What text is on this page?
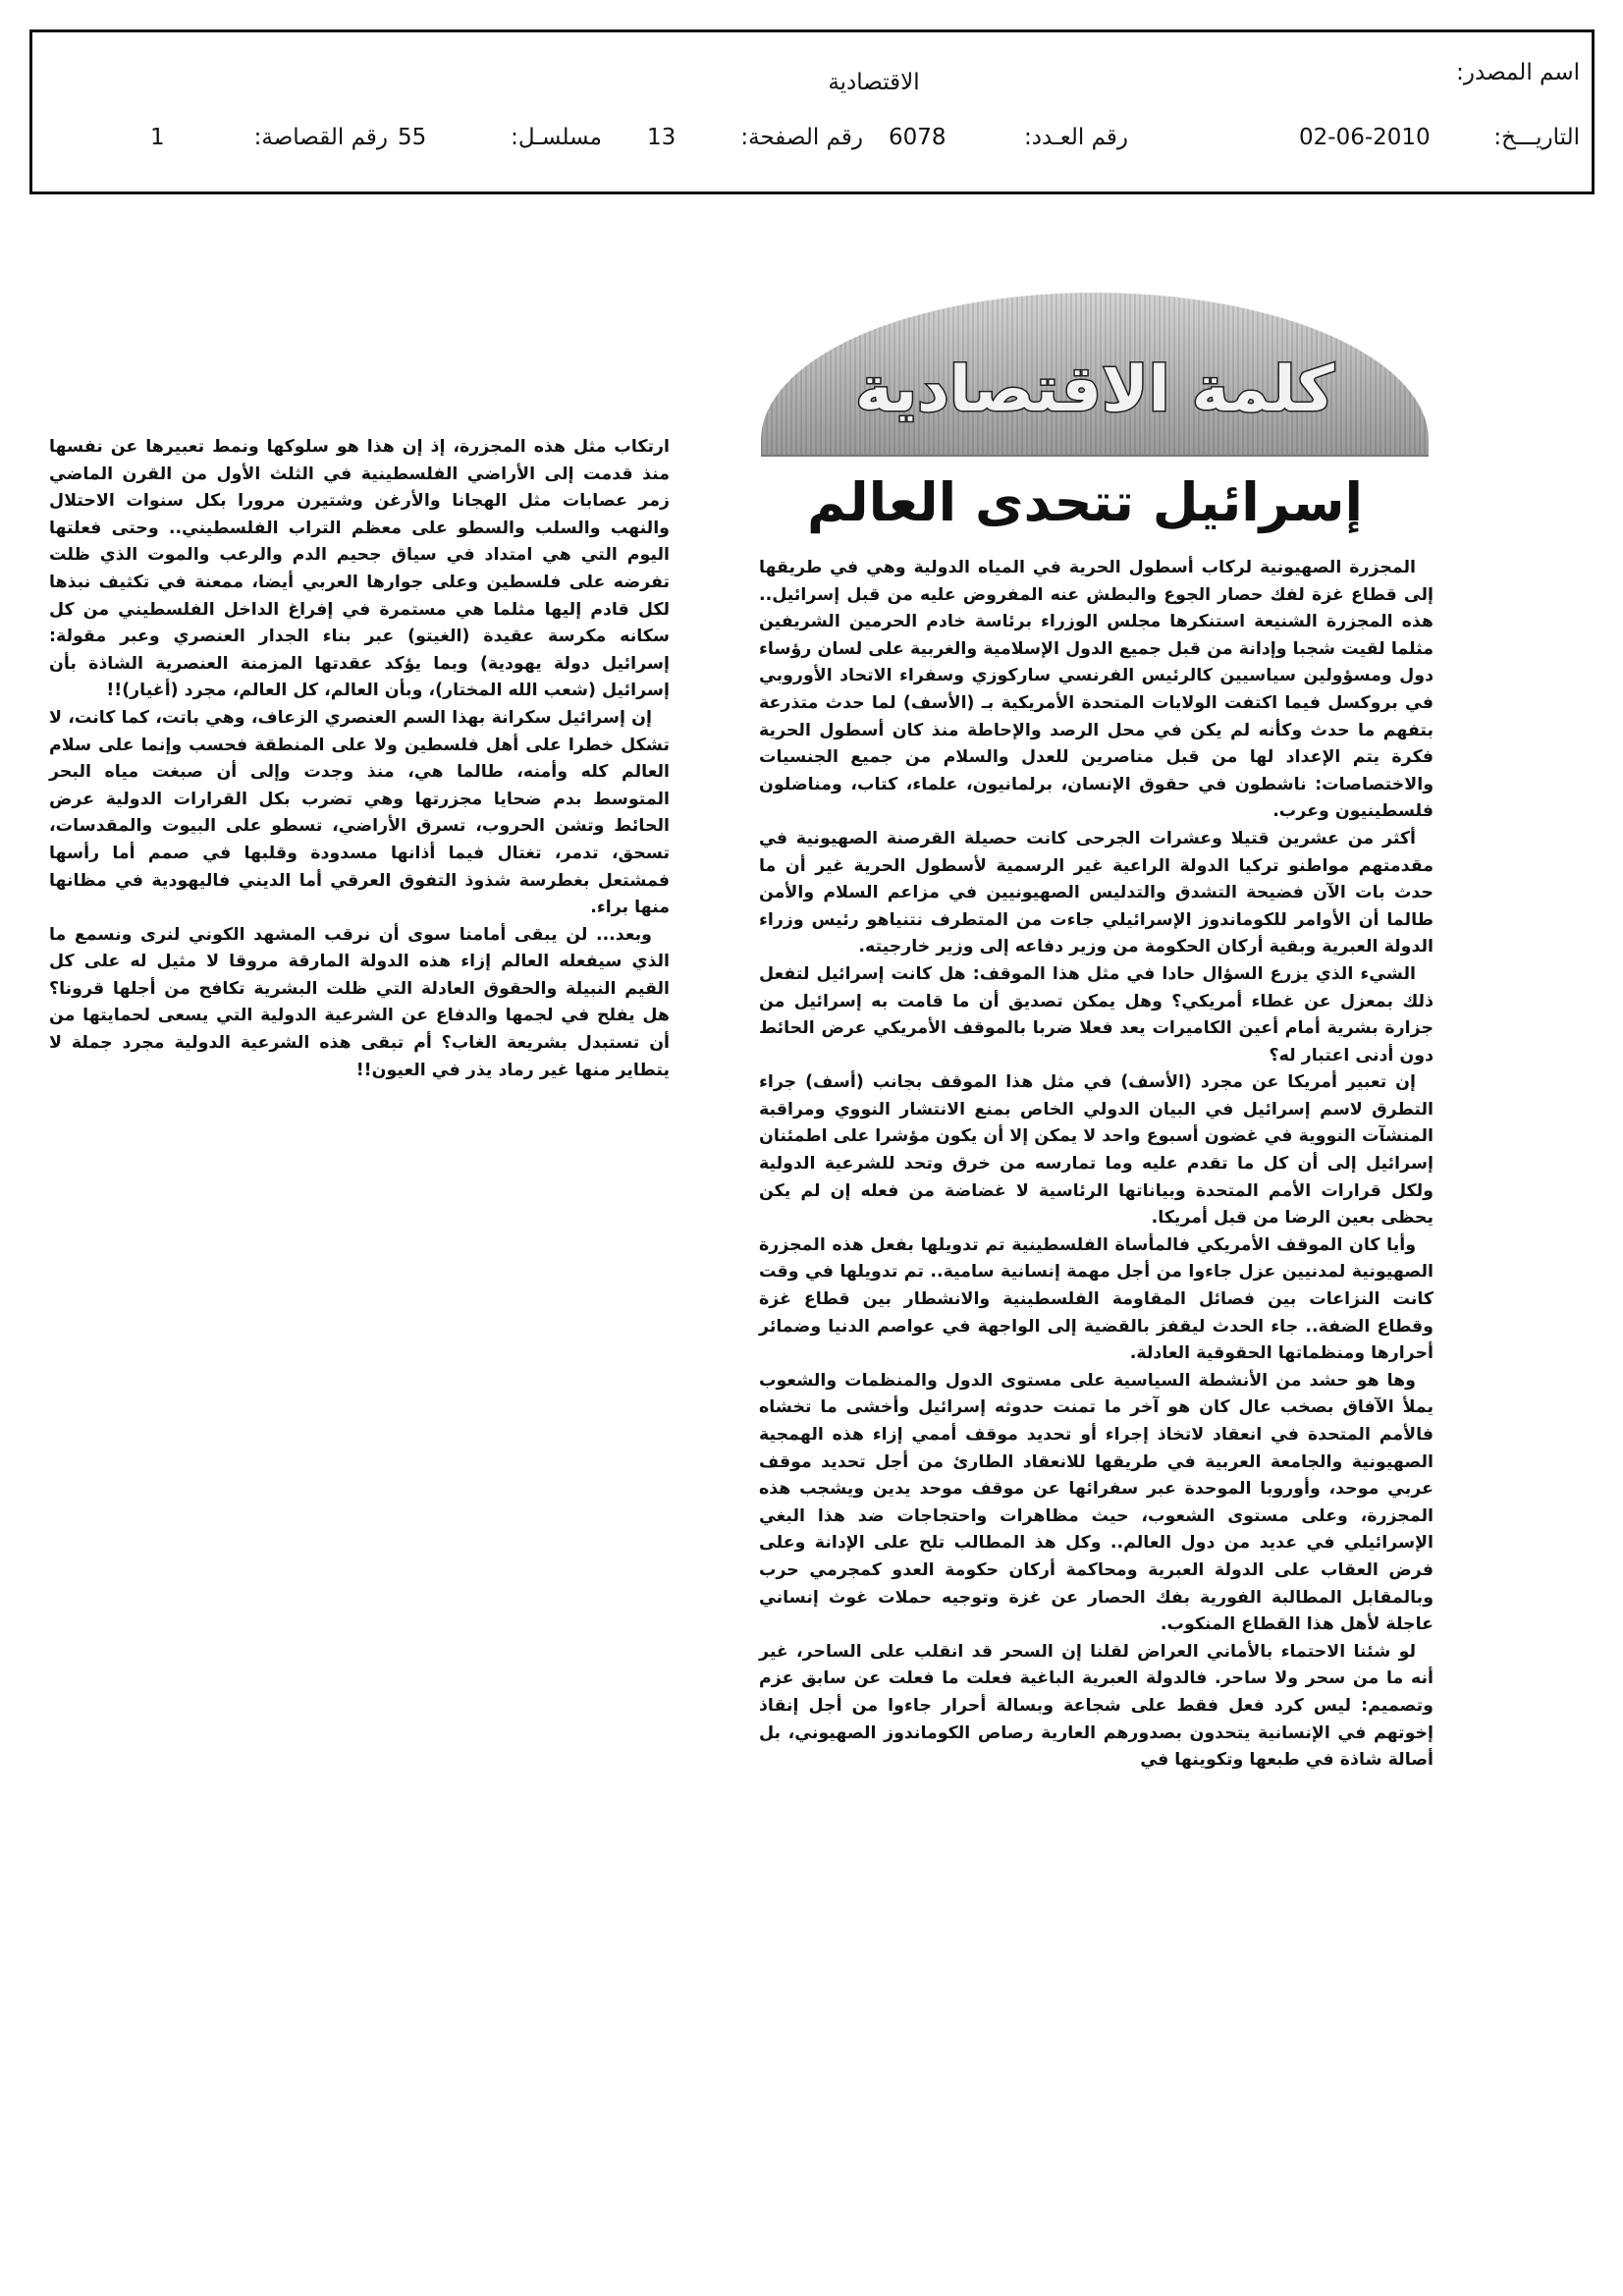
اسم المصدر:
الاقتصادية
التاريـــخ:
02-06-2010
رقم العـدد:
6078
رقم الصفحة:
13
مسلسـل:
55
رقم القصاصة:
1
كلمة الاقتصادية
إسرائيل تتحدى العالم

المجزرة الصهيونية لركاب أسطول الحرية في المياه الدولية وهي في طريقها إلى قطاع غزة لفك حصار الجوع والبطش عنه المفروض عليه من قبل إسرائيل.. هذه المجزرة الشنيعة استنكرها مجلس الوزراء برئاسة خادم الحرمين الشريفين مثلما لقيت شجبا وإدانة من قبل جميع الدول الإسلامية والغربية على لسان رؤساء دول ومسؤولين سياسيين كالرئيس الفرنسي ساركوزي وسفراء الاتحاد الأوروبي في بروكسل فيما اكتفت الولايات المتحدة الأمريكية بـ (الأسف) لما حدث متذرعة بتفهم ما حدث وكأنه لم يكن في محل الرصد والإحاطة منذ كان أسطول الحرية فكرة يتم الإعداد لها من قبل مناصرين للعدل والسلام من جميع الجنسيات والاختصاصات: ناشطون في حقوق الإنسان، برلمانيون، علماء، كتاب، ومناضلون فلسطينيون وعرب.

أكثر من عشرين قتيلا وعشرات الجرحى كانت حصيلة القرصنة الصهيونية في مقدمتهم مواطنو تركيا الدولة الراعية غير الرسمية لأسطول الحرية غير أن ما حدث بات الآن فضيحة التشدق والتدليس الصهيونيين في مزاعم السلام والأمن طالما أن الأوامر للكوماندوز الإسرائيلي جاءت من المتطرف نتنياهو رئيس وزراء الدولة العبرية وبقية أركان الحكومة من وزير دفاعه إلى وزير خارجيته.

الشيء الذي يزرع السؤال حادا في مثل هذا الموقف: هل كانت إسرائيل لتفعل ذلك بمعزل عن غطاء أمريكي؟ وهل يمكن تصديق أن ما قامت به إسرائيل من جزارة بشرية أمام أعين الكاميرات يعد فعلا ضربا بالموقف الأمريكي عرض الحائط دون أدنى اعتبار له؟

إن تعبير أمريكا عن مجرد (الأسف) في مثل هذا الموقف بجانب (أسف) جراء التطرق لاسم إسرائيل في البيان الدولي الخاص بمنع الانتشار النووي ومراقبة المنشآت النووية في غضون أسبوع واحد لا يمكن إلا أن يكون مؤشرا على اطمئنان إسرائيل إلى أن كل ما تقدم عليه وما تمارسه من خرق وتحد للشرعية الدولية ولكل قرارات الأمم المتحدة وبياناتها الرئاسية لا غضاضة من فعله إن لم يكن يحظى بعين الرضا من قبل أمريكا.

وأيا كان الموقف الأمريكي فالمأساة الفلسطينية تم تدويلها بفعل هذه المجزرة الصهيونية لمدنيين عزل جاءوا من أجل مهمة إنسانية سامية.. تم تدويلها في وقت كانت النزاعات بين فصائل المقاومة الفلسطينية والانشطار بين قطاع غزة وقطاع الضفة.. جاء الحدث ليقفز بالقضية إلى الواجهة في عواصم الدنيا وضمائر أحرارها ومنظماتها الحقوقية العادلة.

وها هو حشد من الأنشطة السياسية على مستوى الدول والمنظمات والشعوب يملأ الآفاق بصخب عال كان هو آخر ما تمنت حدوثه إسرائيل وأخشى ما تخشاه فالأمم المتحدة في انعقاد لاتخاذ إجراء أو تحديد موقف أممي إزاء هذه الهمجية الصهيونية والجامعة العربية في طريقها للانعقاد الطارئ من أجل تحديد موقف عربي موحد، وأوروبا الموحدة عبر سفرائها عن موقف موحد يدين ويشجب هذه المجزرة، وعلى مستوى الشعوب، حيث مظاهرات واحتجاجات ضد هذا البغي الإسرائيلي في عديد من دول العالم.. وكل هذ المطالب تلح على الإدانة وعلى فرض العقاب على الدولة العبرية ومحاكمة أركان حكومة العدو كمجرمي حرب وبالمقابل المطالبة الفورية بفك الحصار عن غزة وتوجيه حملات غوث إنساني عاجلة لأهل هذا القطاع المنكوب.

لو شئنا الاحتماء بالأماني العراض لقلنا إن السحر قد انقلب على الساحر، غير أنه ما من سحر ولا ساحر. فالدولة العبرية الباغية فعلت ما فعلت عن سابق عزم وتصميم: ليس كرد فعل فقط على شجاعة وبسالة أحرار جاءوا من أجل إنقاذ إخوتهم في الإنسانية يتحدون بصدورهم العارية رصاص الكوماندوز الصهيوني، بل أصالة شاذة في طبعها وتكوينها في

ارتكاب مثل هذه المجزرة، إذ إن هذا هو سلوكها ونمط تعبيرها عن نفسها منذ قدمت إلى الأراضي الفلسطينية في الثلث الأول من القرن الماضي زمر عصابات مثل الهجانا والأرغن وشتيرن مرورا بكل سنوات الاحتلال والنهب والسلب والسطو على معظم التراب الفلسطيني.. وحتى فعلتها اليوم التي هي امتداد في سياق جحيم الدم والرعب والموت الذي ظلت تفرضه على فلسطين وعلى جوارها العربي أيضا، ممعنة في تكثيف نبذها لكل قادم إليها مثلما هي مستمرة في إفراغ الداخل الفلسطيني من كل سكانه مكرسة عقيدة (الغيتو) عبر بناء الجدار العنصري وعبر مقولة: إسرائيل دولة يهودية) وبما يؤكد عقدتها المزمنة العنصرية الشاذة بأن إسرائيل (شعب الله المختار)، وبأن العالم، كل العالم، مجرد (أغيار)!!

إن إسرائيل سكرانة بهذا السم العنصري الزعاف، وهي باتت، كما كانت، لا تشكل خطرا على أهل فلسطين ولا على المنطقة فحسب وإنما على سلام العالم كله وأمنه، طالما هي، منذ وجدت وإلى أن صبغت مياه البحر المتوسط بدم ضحايا مجزرتها وهي تضرب بكل القرارات الدولية عرض الحائط وتشن الحروب، تسرق الأراضي، تسطو على البيوت والمقدسات، تسحق، تدمر، تغتال فيما أذانها مسدودة وقلبها في صمم أما رأسها فمشتعل بغطرسة شذوذ التفوق العرقي أما الديني فاليهودية في مظانها منها براء.

وبعد... لن يبقى أمامنا سوى أن نرقب المشهد الكوني لنرى ونسمع ما الذي سيفعله العالم إزاء هذه الدولة المارقة مروقا لا مثيل له على كل القيم النبيلة والحقوق العادلة التي ظلت البشرية تكافح من أجلها قرونا؟ هل يفلح في لجمها والدفاع عن الشرعية الدولية التي يسعى لحمايتها من أن تستبدل بشريعة الغاب؟ أم تبقى هذه الشرعية الدولية مجرد جملة لا يتطاير منها غير رماد يذر في العيون!!
